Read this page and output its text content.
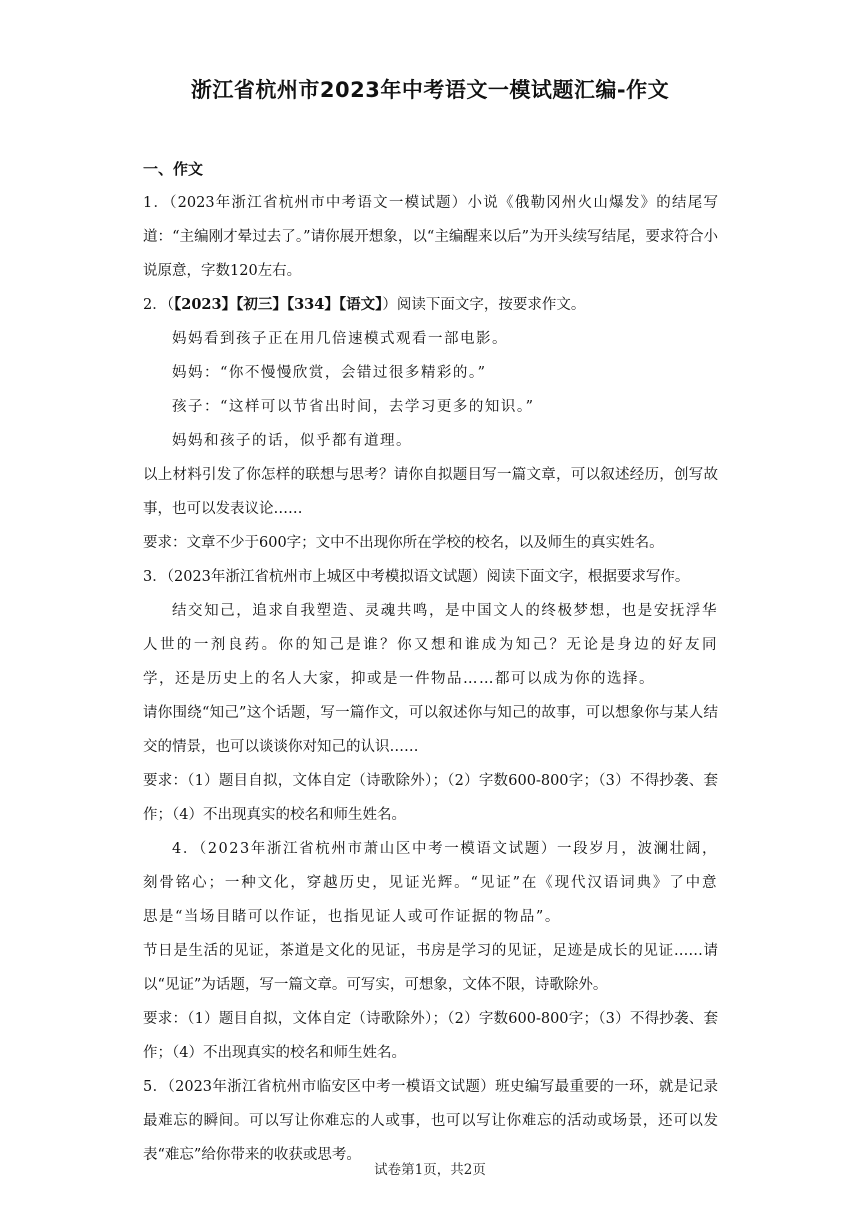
浙江省杭州市2023年中考语文一模试题汇编-作文

一、作文

1．（2023年浙江省杭州市中考语文一模试题）小说《俄勒冈州火山爆发》的结尾写道：“主编刚才晕过去了。”请你展开想象，以“主编醒来以后”为开头续写结尾，要求符合小说原意，字数120左右。

2．（【2023】【初三】【334】【语文】）阅读下面文字，按要求作文。

妈妈看到孩子正在用几倍速模式观看一部电影。

妈妈：“你不慢慢欣赏，会错过很多精彩的。”

孩子：“这样可以节省出时间，去学习更多的知识。”

妈妈和孩子的话，似乎都有道理。

以上材料引发了你怎样的联想与思考？请你自拟题目写一篇文章，可以叙述经历，创写故事，也可以发表议论……

要求：文章不少于600字；文中不出现你所在学校的校名，以及师生的真实姓名。

3．（2023年浙江省杭州市上城区中考模拟语文试题）阅读下面文字，根据要求写作。

结交知己，追求自我塑造、灵魂共鸣，是中国文人的终极梦想，也是安抚浮华人世的一剂良药。你的知己是谁？你又想和谁成为知己？无论是身边的好友同学，还是历史上的名人大家，抑或是一件物品……都可以成为你的选择。

请你围绕“知己”这个话题，写一篇作文，可以叙述你与知己的故事，可以想象你与某人结交的情景，也可以谈谈你对知己的认识……

要求：（1）题目自拟，文体自定（诗歌除外）；（2）字数600-800字；（3）不得抄袭、套作；（4）不出现真实的校名和师生姓名。

4．（2023年浙江省杭州市萧山区中考一模语文试题）一段岁月，波澜壮阔，刻骨铭心；一种文化，穿越历史，见证光辉。“见证”在《现代汉语词典》了中意思是“当场目睹可以作证，也指见证人或可作证据的物品”。

节日是生活的见证，茶道是文化的见证，书房是学习的见证，足迹是成长的见证……请以“见证”为话题，写一篇文章。可写实，可想象，文体不限，诗歌除外。

要求：（1）题目自拟，文体自定（诗歌除外）；（2）字数600-800字；（3）不得抄袭、套作；（4）不出现真实的校名和师生姓名。

5．（2023年浙江省杭州市临安区中考一模语文试题）班史编写最重要的一环，就是记录最难忘的瞬间。可以写让你难忘的人或事，也可以写让你难忘的活动或场景，还可以发表“难忘”给你带来的收获或思考。

试卷第1页，共2页
